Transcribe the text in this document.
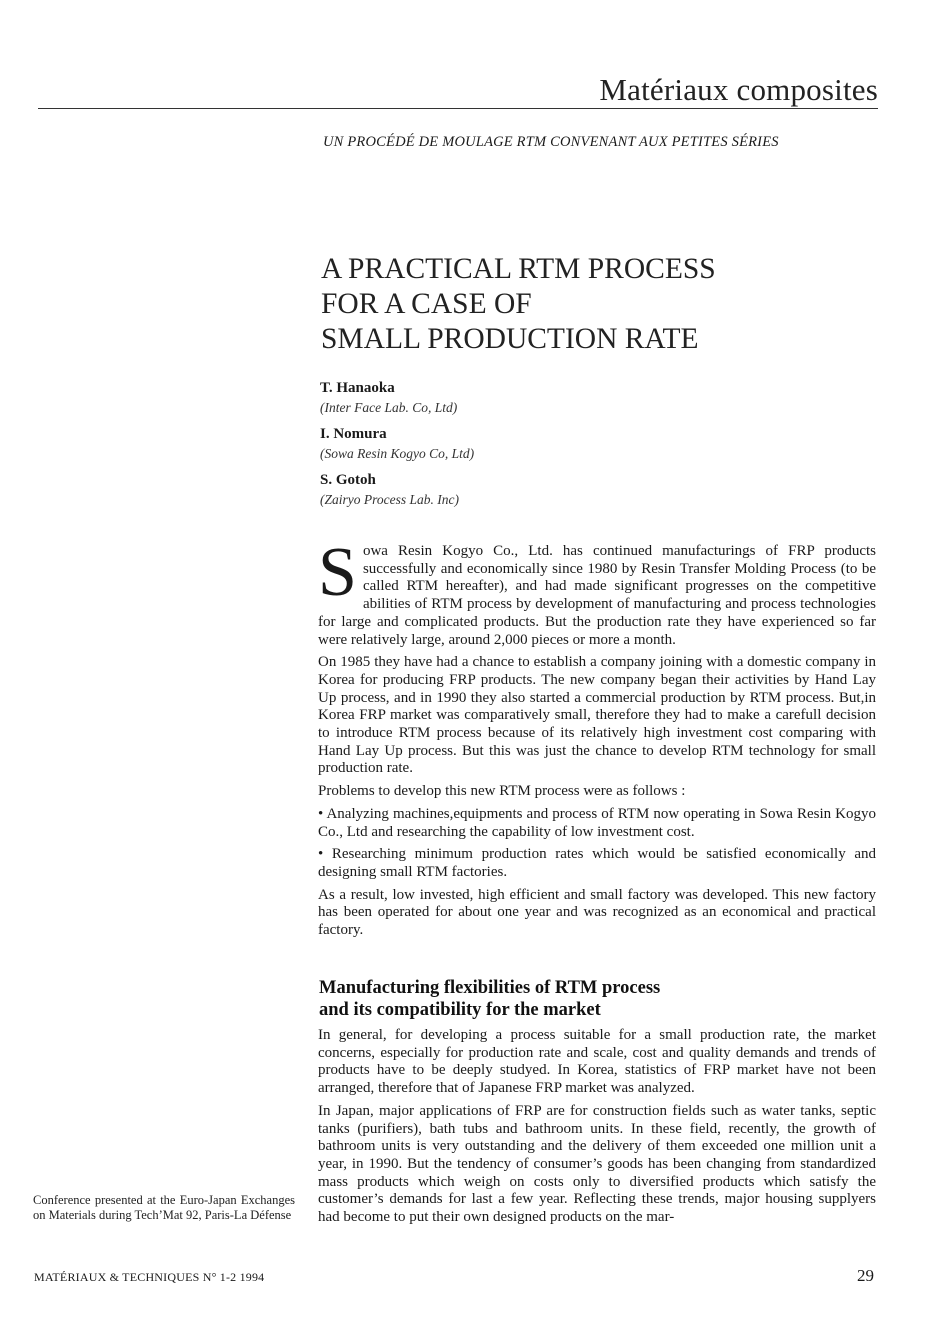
Matériaux composites
UN PROCÉDÉ DE MOULAGE RTM CONVENANT AUX PETITES SÉRIES
A PRACTICAL RTM PROCESS
FOR A CASE OF
SMALL PRODUCTION RATE
T. Hanaoka
(Inter Face Lab. Co, Ltd)
I. Nomura
(Sowa Resin Kogyo Co, Ltd)
S. Gotoh
(Zairyo Process Lab. Inc)

Sowa Resin Kogyo Co., Ltd. has continued manufacturings of FRP products successfully and economically since 1980 by Resin Transfer Molding Process (to be called RTM hereafter), and had made significant progresses on the competitive abilities of RTM process by development of manufacturing and process technologies for large and complicated products. But the production rate they have experienced so far were relatively large, around 2,000 pieces or more a month.

On 1985 they have had a chance to establish a company joining with a domestic company in Korea for producing FRP products. The new company began their activities by Hand Lay Up process, and in 1990 they also started a commercial production by RTM process. But,in Korea FRP market was comparatively small, therefore they had to make a carefull decision to introduce RTM process because of its relatively high investment cost comparing with Hand Lay Up process. But this was just the chance to develop RTM technology for small production rate.

Problems to develop this new RTM process were as follows :

• Analyzing machines,equipments and process of RTM now operating in Sowa Resin Kogyo Co., Ltd and researching the capability of low investment cost.

• Researching minimum production rates which would be satisfied economically and designing small RTM factories.

As a result, low invested, high efficient and small factory was developed. This new factory has been operated for about one year and was recognized as an economical and practical factory.

Manufacturing flexibilities of RTM process
and its compatibility for the market

In general, for developing a process suitable for a small production rate, the market concerns, especially for production rate and scale, cost and quality demands and trends of products have to be deeply studyed. In Korea, statistics of FRP market have not been arranged, therefore that of Japanese FRP market was analyzed.

In Japan, major applications of FRP are for construction fields such as water tanks, septic tanks (purifiers), bath tubs and bathroom units. In these field, recently, the growth of bathroom units is very outstanding and the delivery of them exceeded one million unit a year, in 1990. But the tendency of consumer’s goods has been changing from standardized mass products which weigh on costs only to diversified products which satisfy the customer’s demands for last a few year. Reflecting these trends, major housing supplyers had become to put their own designed products on the mar-

Conference presented at the Euro-Japan Exchanges on Materials during Tech’Mat 92, Paris-La Défense
MATÉRIAUX & TECHNIQUES N° 1-2 1994	29
